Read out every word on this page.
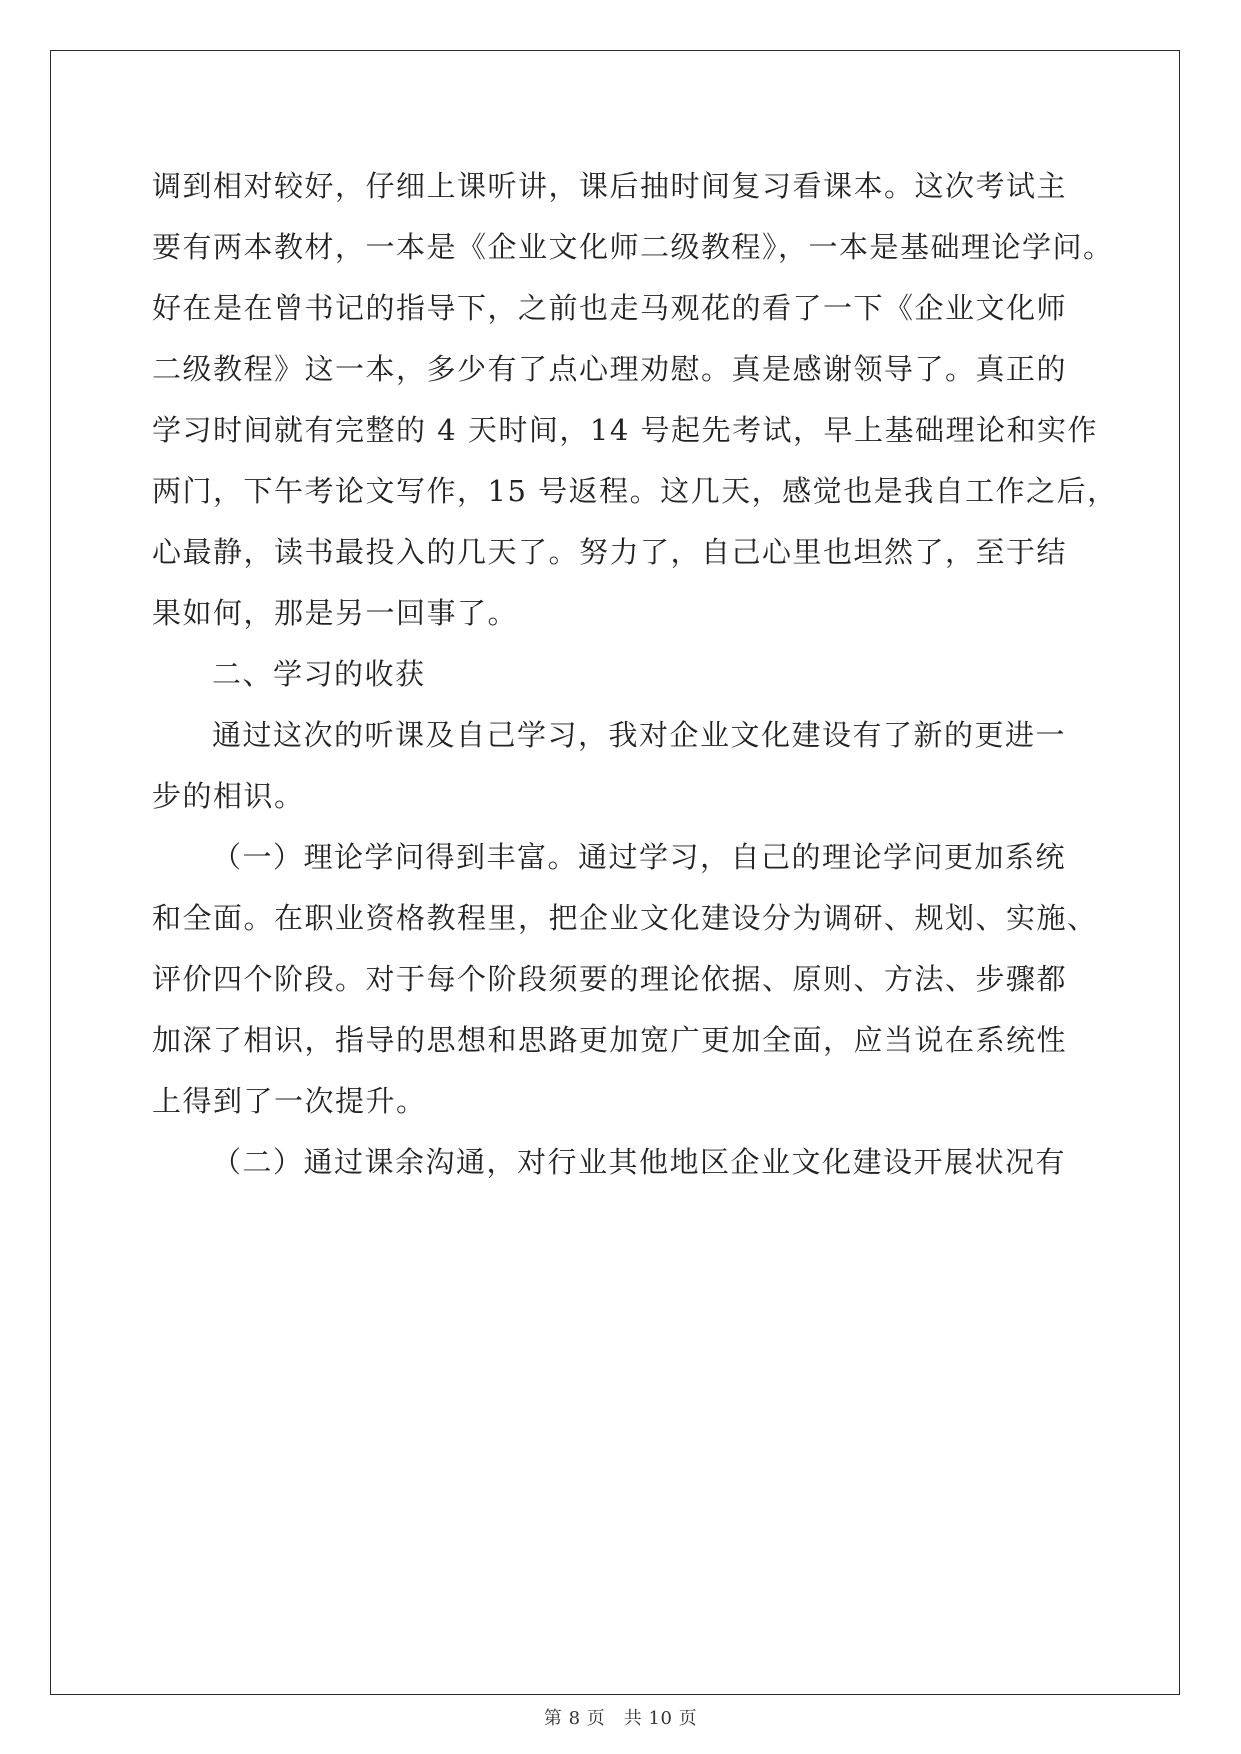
调到相对较好，仔细上课听讲，课后抽时间复习看课本。这次考试主
要有两本教材，一本是《企业文化师二级教程》，一本是基础理论学问。
好在是在曾书记的指导下，之前也走马观花的看了一下《企业文化师
二级教程》这一本，多少有了点心理劝慰。真是感谢领导了。真正的
学习时间就有完整的 4 天时间，14 号起先考试，早上基础理论和实作
两门，下午考论文写作，15 号返程。这几天，感觉也是我自工作之后，
心最静，读书最投入的几天了。努力了，自己心里也坦然了，至于结
果如何，那是另一回事了。
二、学习的收获
通过这次的听课及自己学习，我对企业文化建设有了新的更进一
步的相识。
（一）理论学问得到丰富。通过学习，自己的理论学问更加系统
和全面。在职业资格教程里，把企业文化建设分为调研、规划、实施、
评价四个阶段。对于每个阶段须要的理论依据、原则、方法、步骤都
加深了相识，指导的思想和思路更加宽广更加全面，应当说在系统性
上得到了一次提升。
（二）通过课余沟通，对行业其他地区企业文化建设开展状况有
第 8 页　共 10 页
